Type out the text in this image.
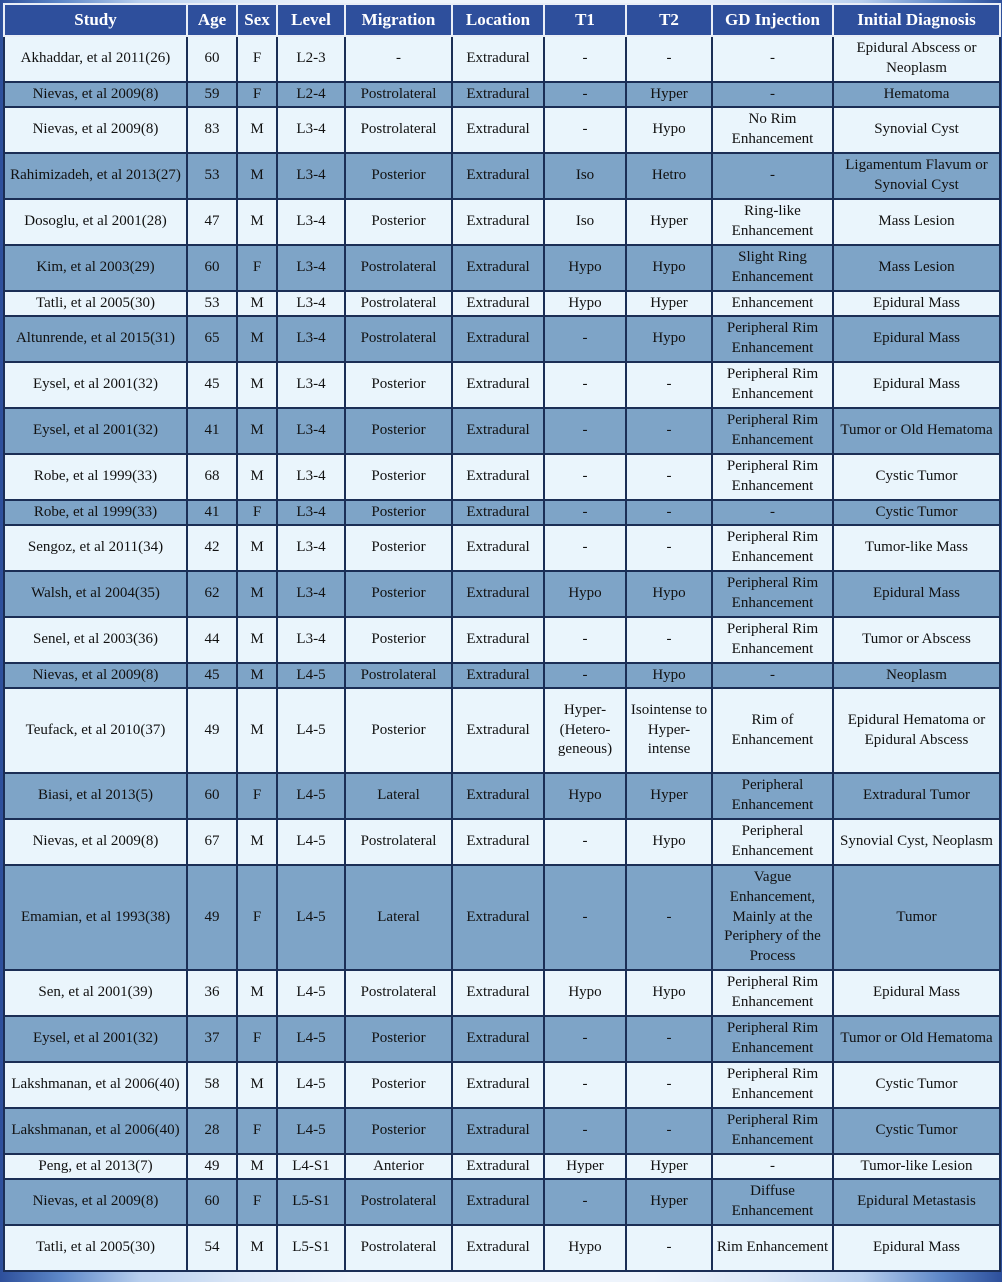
Study	Age	Sex	Level	Migration	Location	T1	T2	GD Injection	Initial Diagnosis
Akhaddar, et al 2011(26)	60	F	L2-3	-	Extradural	-	-	-	Epidural Abscess or Neoplasm
Nievas, et al 2009(8)	59	F	L2-4	Postrolateral	Extradural	-	Hyper	-	Hematoma
Nievas, et al 2009(8)	83	M	L3-4	Postrolateral	Extradural	-	Hypo	No Rim Enhancement	Synovial Cyst
Rahimizadeh, et al 2013(27)	53	M	L3-4	Posterior	Extradural	Iso	Hetro	-	Ligamentum Flavum or Synovial Cyst
Dosoglu, et al 2001(28)	47	M	L3-4	Posterior	Extradural	Iso	Hyper	Ring-like Enhancement	Mass Lesion
Kim, et al 2003(29)	60	F	L3-4	Postrolateral	Extradural	Hypo	Hypo	Slight Ring Enhancement	Mass Lesion
Tatli, et al 2005(30)	53	M	L3-4	Postrolateral	Extradural	Hypo	Hyper	Enhancement	Epidural Mass
Altunrende, et al 2015(31)	65	M	L3-4	Postrolateral	Extradural	-	Hypo	Peripheral Rim Enhancement	Epidural Mass
Eysel, et al 2001(32)	45	M	L3-4	Posterior	Extradural	-	-	Peripheral Rim Enhancement	Epidural Mass
Eysel, et al 2001(32)	41	M	L3-4	Posterior	Extradural	-	-	Peripheral Rim Enhancement	Tumor or Old Hematoma
Robe, et al 1999(33)	68	M	L3-4	Posterior	Extradural	-	-	Peripheral Rim Enhancement	Cystic Tumor
Robe, et al 1999(33)	41	F	L3-4	Posterior	Extradural	-	-	-	Cystic Tumor
Sengoz, et al 2011(34)	42	M	L3-4	Posterior	Extradural	-	-	Peripheral Rim Enhancement	Tumor-like Mass
Walsh, et al 2004(35)	62	M	L3-4	Posterior	Extradural	Hypo	Hypo	Peripheral Rim Enhancement	Epidural Mass
Senel, et al 2003(36)	44	M	L3-4	Posterior	Extradural	-	-	Peripheral Rim Enhancement	Tumor or Abscess
Nievas, et al 2009(8)	45	M	L4-5	Postrolateral	Extradural	-	Hypo	-	Neoplasm
Teufack, et al 2010(37)	49	M	L4-5	Posterior	Extradural	Hyper- (Hetero- geneous)	Isointense to Hyper- intense	Rim of Enhancement	Epidural Hematoma or Epidural Abscess
Biasi, et al 2013(5)	60	F	L4-5	Lateral	Extradural	Hypo	Hyper	Peripheral Enhancement	Extradural Tumor
Nievas, et al 2009(8)	67	M	L4-5	Postrolateral	Extradural	-	Hypo	Peripheral Enhancement	Synovial Cyst, Neoplasm
Emamian, et al 1993(38)	49	F	L4-5	Lateral	Extradural	-	-	Vague Enhancement, Mainly at the Periphery of the Process	Tumor
Sen, et al 2001(39)	36	M	L4-5	Postrolateral	Extradural	Hypo	Hypo	Peripheral Rim Enhancement	Epidural Mass
Eysel, et al 2001(32)	37	F	L4-5	Posterior	Extradural	-	-	Peripheral Rim Enhancement	Tumor or Old Hematoma
Lakshmanan, et al 2006(40)	58	M	L4-5	Posterior	Extradural	-	-	Peripheral Rim Enhancement	Cystic Tumor
Lakshmanan, et al 2006(40)	28	F	L4-5	Posterior	Extradural	-	-	Peripheral Rim Enhancement	Cystic Tumor
Peng, et al 2013(7)	49	M	L4-S1	Anterior	Extradural	Hyper	Hyper	-	Tumor-like Lesion
Nievas, et al 2009(8)	60	F	L5-S1	Postrolateral	Extradural	-	Hyper	Diffuse Enhancement	Epidural Metastasis
Tatli, et al 2005(30)	54	M	L5-S1	Postrolateral	Extradural	Hypo	-	Rim Enhancement	Epidural Mass
